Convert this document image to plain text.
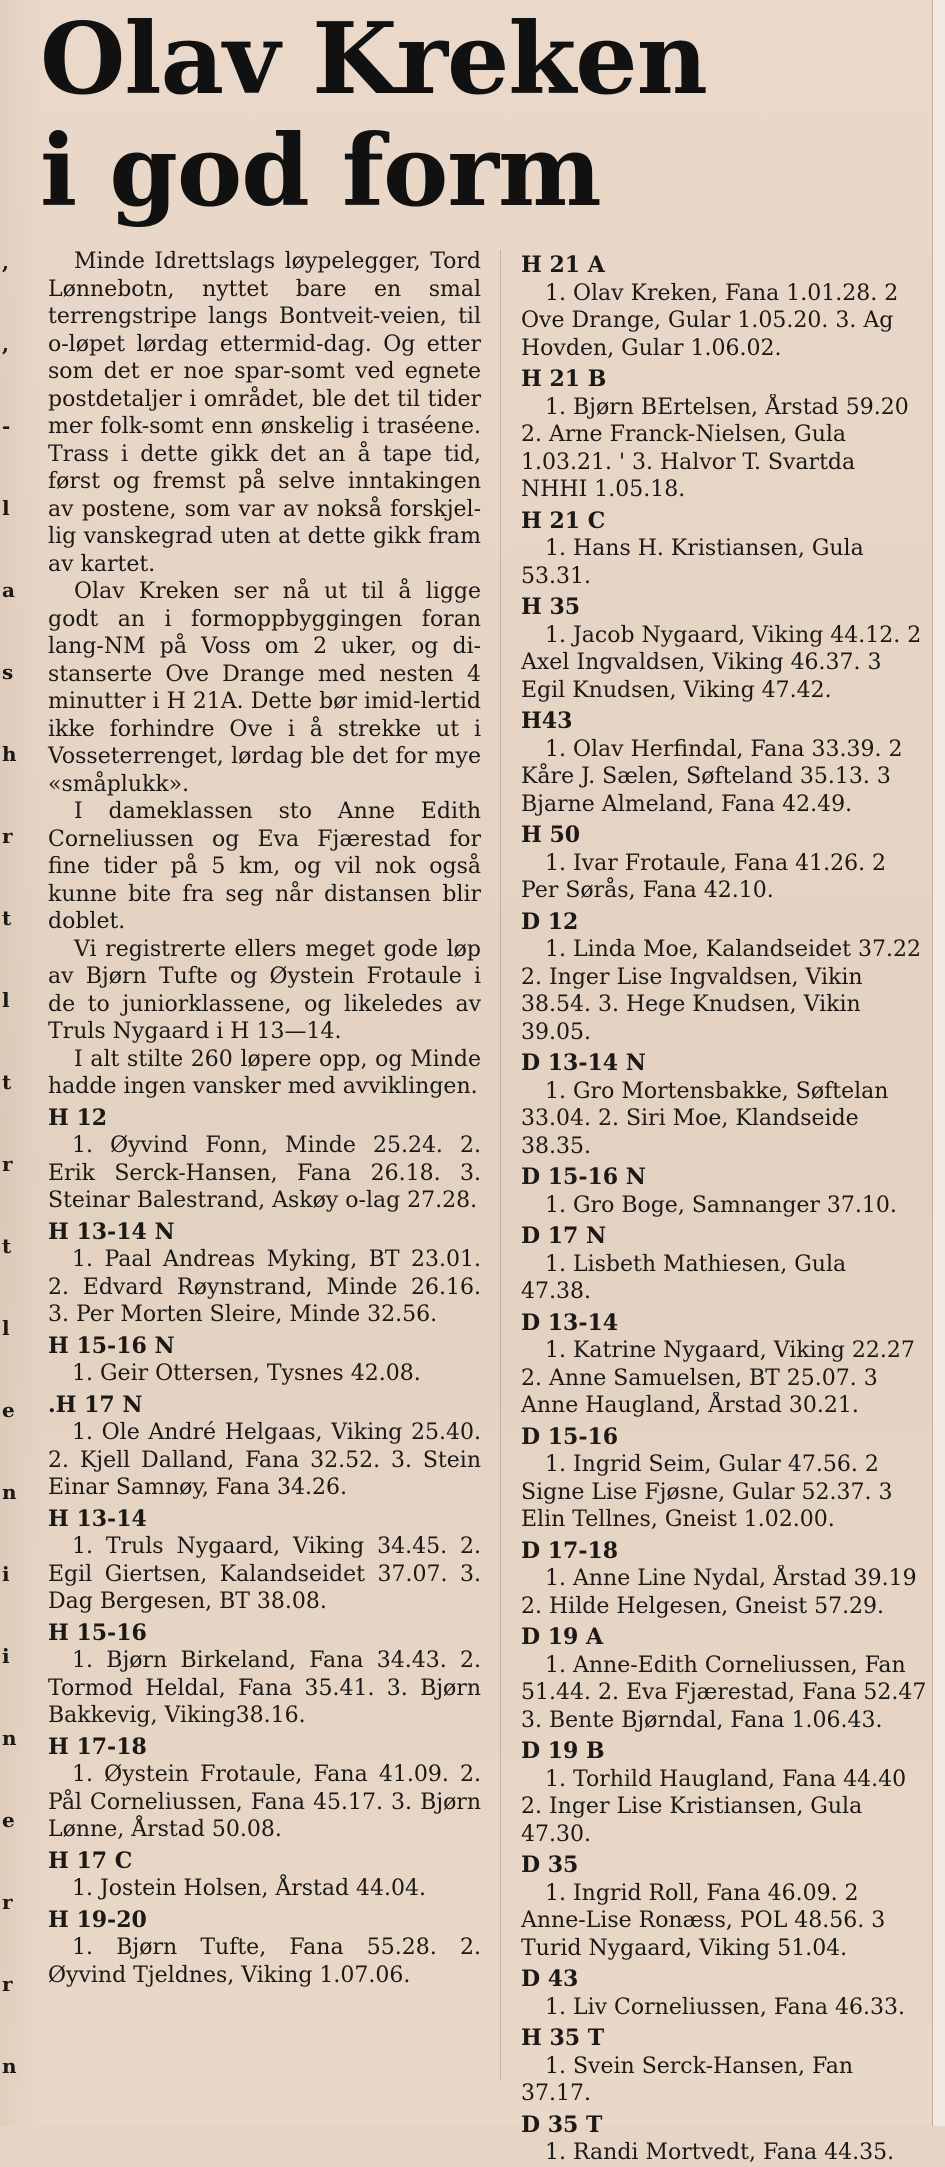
,
,
-
l
a
s
h
r
t
l
t
r
t
l
e
n
i
i
n
e
r
r
n
Olav Kreken
i god form

Minde Idrettslags løypelegger, Tord Lønnebotn, nyttet bare en smal terrengstripe langs Bontveit-veien, til o-løpet lørdag ettermid-dag. Og etter som det er noe spar-somt ved egnete postdetaljer i området, ble det til tider mer folk-somt enn ønskelig i traséene. Trass i dette gikk det an å tape tid, først og fremst på selve inntakingen av postene, som var av nokså forskjel-lig vanskegrad uten at dette gikk fram av kartet.

Olav Kreken ser nå ut til å ligge godt an i formoppbyggingen foran lang-NM på Voss om 2 uker, og di-stanserte Ove Drange med nesten 4 minutter i H 21A. Dette bør imid-lertid ikke forhindre Ove i å strekke ut i Vosseterrenget, lørdag ble det for mye «småplukk».

I dameklassen sto Anne Edith Corneliussen og Eva Fjærestad for fine tider på 5 km, og vil nok også kunne bite fra seg når distansen blir doblet.

Vi registrerte ellers meget gode løp av Bjørn Tufte og Øystein Frotaule i de to juniorklassene, og likeledes av Truls Nygaard i H 13—14.

I alt stilte 260 løpere opp, og Minde hadde ingen vansker med avviklingen.

H 12

1. Øyvind Fonn, Minde 25.24. 2. Erik Serck-Hansen, Fana 26.18. 3. Steinar Balestrand, Askøy o-lag 27.28.

H 13-14 N

1. Paal Andreas Myking, BT 23.01. 2. Edvard Røynstrand, Minde 26.16. 3. Per Morten Sleire, Minde 32.56.

H 15-16 N

1. Geir Ottersen, Tysnes 42.08.

.H 17 N

1. Ole André Helgaas, Viking 25.40. 2. Kjell Dalland, Fana 32.52. 3. Stein Einar Samnøy, Fana 34.26.

H 13-14

1. Truls Nygaard, Viking 34.45. 2. Egil Giertsen, Kalandseidet 37.07. 3. Dag Bergesen, BT 38.08.

H 15-16

1. Bjørn Birkeland, Fana 34.43. 2. Tormod Heldal, Fana 35.41. 3. Bjørn Bakkevig, Viking38.16.

H 17-18

1. Øystein Frotaule, Fana 41.09. 2. Pål Corneliussen, Fana 45.17. 3. Bjørn Lønne, Årstad 50.08.

H 17 C

1. Jostein Holsen, Årstad 44.04.

H 19-20

1. Bjørn Tufte, Fana 55.28. 2. Øyvind Tjeldnes, Viking 1.07.06.

H 21 A
1. Olav Kreken, Fana 1.01.28. 2
Ove Drange, Gular 1.05.20. 3. Ag
Hovden, Gular 1.06.02.
H 21 B
1. Bjørn BErtelsen, Årstad 59.20
2. Arne Franck-Nielsen, Gula
1.03.21. ' 3. Halvor T. Svartda
NHHI 1.05.18.
H 21 C
1. Hans H. Kristiansen, Gula
53.31.
H 35
1. Jacob Nygaard, Viking 44.12. 2
Axel Ingvaldsen, Viking 46.37. 3
Egil Knudsen, Viking 47.42.
H43
1. Olav Herfindal, Fana 33.39. 2
Kåre J. Sælen, Søfteland 35.13. 3
Bjarne Almeland, Fana 42.49.
H 50
1. Ivar Frotaule, Fana 41.26. 2
Per Sørås, Fana 42.10.
D 12
1. Linda Moe, Kalandseidet 37.22
2. Inger Lise Ingvaldsen, Vikin
38.54. 3. Hege Knudsen, Vikin
39.05.
D 13-14 N
1. Gro Mortensbakke, Søftelan
33.04. 2. Siri Moe, Klandseide
38.35.
D 15-16 N
1. Gro Boge, Samnanger 37.10.
D 17 N
1. Lisbeth Mathiesen, Gula
47.38.
D 13-14
1. Katrine Nygaard, Viking 22.27
2. Anne Samuelsen, BT 25.07. 3
Anne Haugland, Årstad 30.21.
D 15-16
1. Ingrid Seim, Gular 47.56. 2
Signe Lise Fjøsne, Gular 52.37. 3
Elin Tellnes, Gneist 1.02.00.
D 17-18
1. Anne Line Nydal, Årstad 39.19
2. Hilde Helgesen, Gneist 57.29.
D 19 A
1. Anne-Edith Corneliussen, Fan
51.44. 2. Eva Fjærestad, Fana 52.47
3. Bente Bjørndal, Fana 1.06.43.
D 19 B
1. Torhild Haugland, Fana 44.40
2. Inger Lise Kristiansen, Gula
47.30.
D 35
1. Ingrid Roll, Fana 46.09. 2
Anne-Lise Ronæss, POL 48.56. 3
Turid Nygaard, Viking 51.04.
D 43
1. Liv Corneliussen, Fana 46.33.
H 35 T
1. Svein Serck-Hansen, Fan
37.17.
D 35 T
1. Randi Mortvedt, Fana 44.35.
